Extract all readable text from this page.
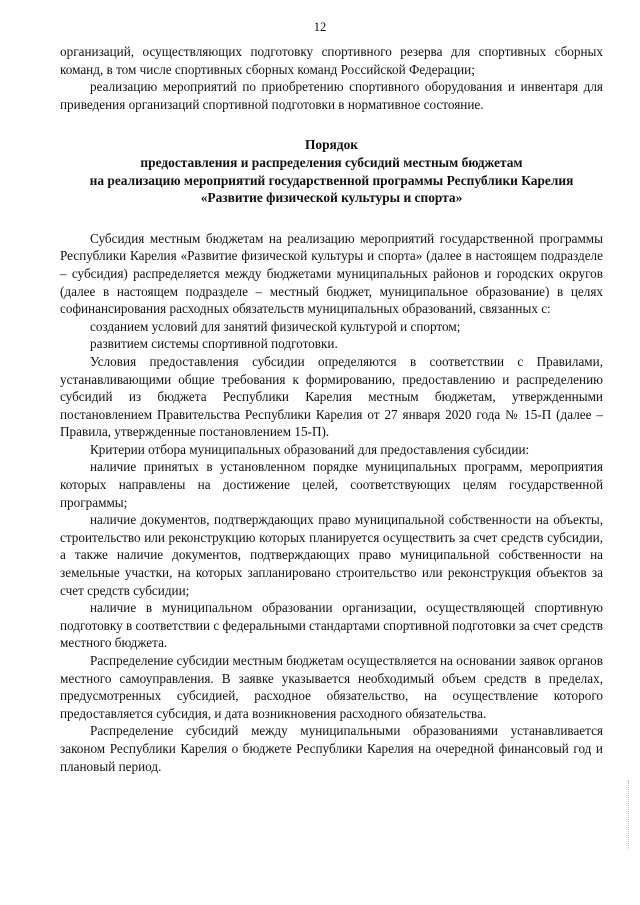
12

организаций, осуществляющих подготовку спортивного резерва для спортивных сборных команд, в том числе спортивных сборных команд Российской Федерации;

реализацию мероприятий по приобретению спортивного оборудования и инвентаря для приведения организаций спортивной подготовки в нормативное состояние.

Порядок
предоставления и распределения субсидий местным бюджетам
на реализацию мероприятий государственной программы Республики Карелия
«Развитие физической культуры и спорта»

Субсидия местным бюджетам на реализацию мероприятий государственной программы Республики Карелия «Развитие физической культуры и спорта» (далее в настоящем подразделе – субсидия) распределяется между бюджетами муниципальных районов и городских округов (далее в настоящем подразделе – местный бюджет, муниципальное образование) в целях софинансирования расходных обязательств муниципальных образований, связанных с:

созданием условий для занятий физической культурой и спортом;

развитием системы спортивной подготовки.

Условия предоставления субсидии определяются в соответствии с Правилами, устанавливающими общие требования к формированию, предоставлению и распределению субсидий из бюджета Республики Карелия местным бюджетам, утвержденными постановлением Правительства Республики Карелия от 27 января 2020 года № 15-П (далее – Правила, утвержденные постановлением 15-П).

Критерии отбора муниципальных образований для предоставления субсидии:

наличие принятых в установленном порядке муниципальных программ, мероприятия которых направлены на достижение целей, соответствующих целям государственной программы;

наличие документов, подтверждающих право муниципальной собственности на объекты, строительство или реконструкцию которых планируется осуществить за счет средств субсидии, а также наличие документов, подтверждающих право муниципальной собственности на земельные участки, на которых запланировано строительство или реконструкция объектов за счет средств субсидии;

наличие в муниципальном образовании организации, осуществляющей спортивную подготовку в соответствии с федеральными стандартами спортивной подготовки за счет средств местного бюджета.

Распределение субсидии местным бюджетам осуществляется на основании заявок органов местного самоуправления. В заявке указывается необходимый объем средств в пределах, предусмотренных субсидией, расходное обязательство, на осуществление которого предоставляется субсидия, и дата возникновения расходного обязательства.

Распределение субсидий между муниципальными образованиями устанавливается законом Республики Карелия о бюджете Республики Карелия на очередной финансовый год и плановый период.
